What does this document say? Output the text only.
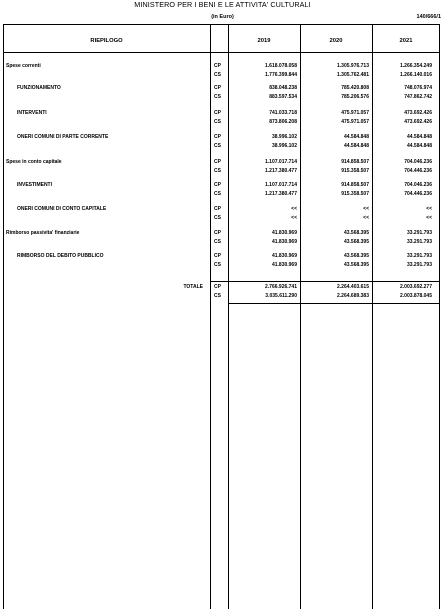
MINISTERO PER I BENI E LE ATTIVITA' CULTURALI
(in Euro)	140/666/1
RIEPILOGO	2019	2020	2021
Spese correnti	CP	1.618.078.058	1.305.976.713	1.266.354.249
CS	1.776.399.844	1.305.762.481	1.266.140.016
FUNZIONAMENTO	CP	838.048.238	785.420.808	748.076.974
CS	883.597.534	785.206.576	747.862.742
INTERVENTI	CP	741.033.718	475.971.057	473.692.426
CS	873.806.208	475.971.057	473.692.426
ONERI COMUNI DI PARTE CORRENTE	CP	38.996.102	44.584.848	44.584.848
CS	38.996.102	44.584.848	44.584.848
Spese in conto capitale	CP	1.107.017.714	914.858.507	704.046.236
CS	1.217.380.477	915.358.507	704.446.236
INVESTIMENTI	CP	1.107.017.714	914.858.507	704.046.236
CS	1.217.380.477	915.358.507	704.446.236
ONERI COMUNI DI CONTO CAPITALE	CP	<<	<<	<<
CS	<<	<<	<<
Rimborso passivita' finanziarie	CP	41.830.969	43.568.395	33.291.793
CS	41.830.969	43.568.395	33.291.793
RIMBORSO DEL DEBITO PUBBLICO	CP	41.830.969	43.568.395	33.291.793
CS	41.830.969	43.568.395	33.291.793
TOTALE CP	2.766.926.741	2.264.403.615	2.003.692.277
CS	3.035.611.290	2.264.689.383	2.003.878.045
